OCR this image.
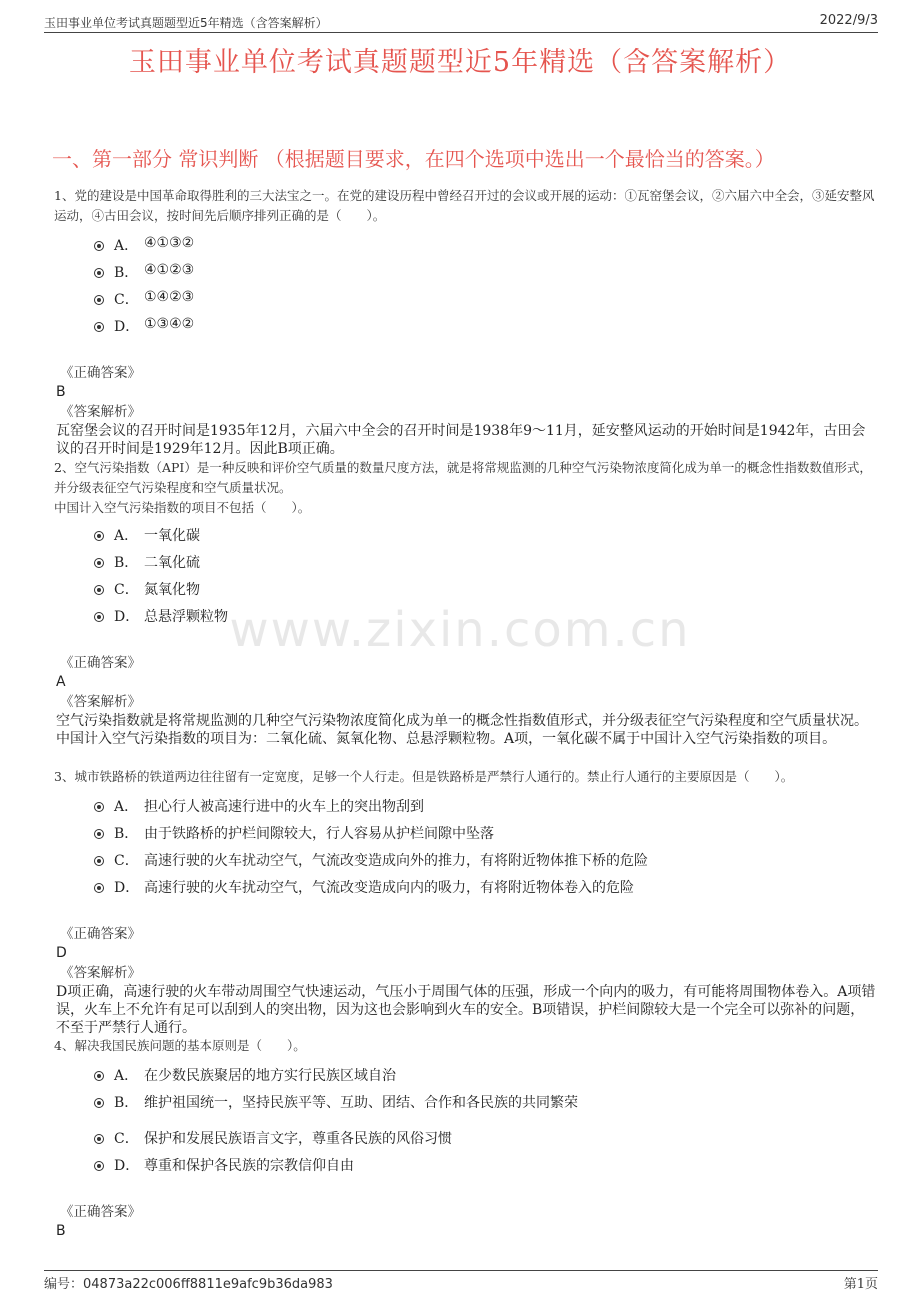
玉田事业单位考试真题题型近5年精选（含答案解析）	2022/9/3
玉田事业单位考试真题题型近5年精选（含答案解析）
一、第一部分 常识判断 （根据题目要求，在四个选项中选出一个最恰当的答案。）
www.zixin.com.cn

1、党的建设是中国革命取得胜利的三大法宝之一。在党的建设历程中曾经召开过的会议或开展的运动：①瓦窑堡会议，②六届六中全会，③延安整风运动，④古田会议，按时间先后顺序排列正确的是（　　）。

A． ④①③②
B． ④①②③
C． ①④②③
D． ①③④②
《正确答案》
B
《答案解析》
瓦窑堡会议的召开时间是1935年12月，六届六中全会的召开时间是1938年9～11月，延安整风运动的开始时间是1942年，古田会议的召开时间是1929年12月。因此B项正确。

2、空气污染指数（API）是一种反映和评价空气质量的数量尺度方法，就是将常规监测的几种空气污染物浓度简化成为单一的概念性指数数值形式，并分级表征空气污染程度和空气质量状况。

中国计入空气污染指数的项目不包括（　　）。

A． 一氧化碳
B． 二氧化硫
C． 氮氧化物
D． 总悬浮颗粒物
《正确答案》
A
《答案解析》
空气污染指数就是将常规监测的几种空气污染物浓度简化成为单一的概念性指数值形式，并分级表征空气污染程度和空气质量状况。中国计入空气污染指数的项目为：二氧化硫、氮氧化物、总悬浮颗粒物。A项，一氧化碳不属于中国计入空气污染指数的项目。

3、城市铁路桥的铁道两边往往留有一定宽度，足够一个人行走。但是铁路桥是严禁行人通行的。禁止行人通行的主要原因是（　　）。

A． 担心行人被高速行进中的火车上的突出物刮到
B． 由于铁路桥的护栏间隙较大，行人容易从护栏间隙中坠落
C． 高速行驶的火车扰动空气，气流改变造成向外的推力，有将附近物体推下桥的危险
D． 高速行驶的火车扰动空气，气流改变造成向内的吸力，有将附近物体卷入的危险
《正确答案》
D
《答案解析》
D项正确，高速行驶的火车带动周围空气快速运动，气压小于周围气体的压强，形成一个向内的吸力，有可能将周围物体卷入。A项错误，火车上不允许有足可以刮到人的突出物，因为这也会影响到火车的安全。B项错误，护栏间隙较大是一个完全可以弥补的问题，不至于严禁行人通行。

4、解决我国民族问题的基本原则是（　　）。

A． 在少数民族聚居的地方实行民族区域自治
B． 维护祖国统一，坚持民族平等、互助、团结、合作和各民族的共同繁荣
C． 保护和发展民族语言文字，尊重各民族的风俗习惯
D． 尊重和保护各民族的宗教信仰自由
《正确答案》
B
编号：04873a22c006ff8811e9afc9b36da983	第1页
